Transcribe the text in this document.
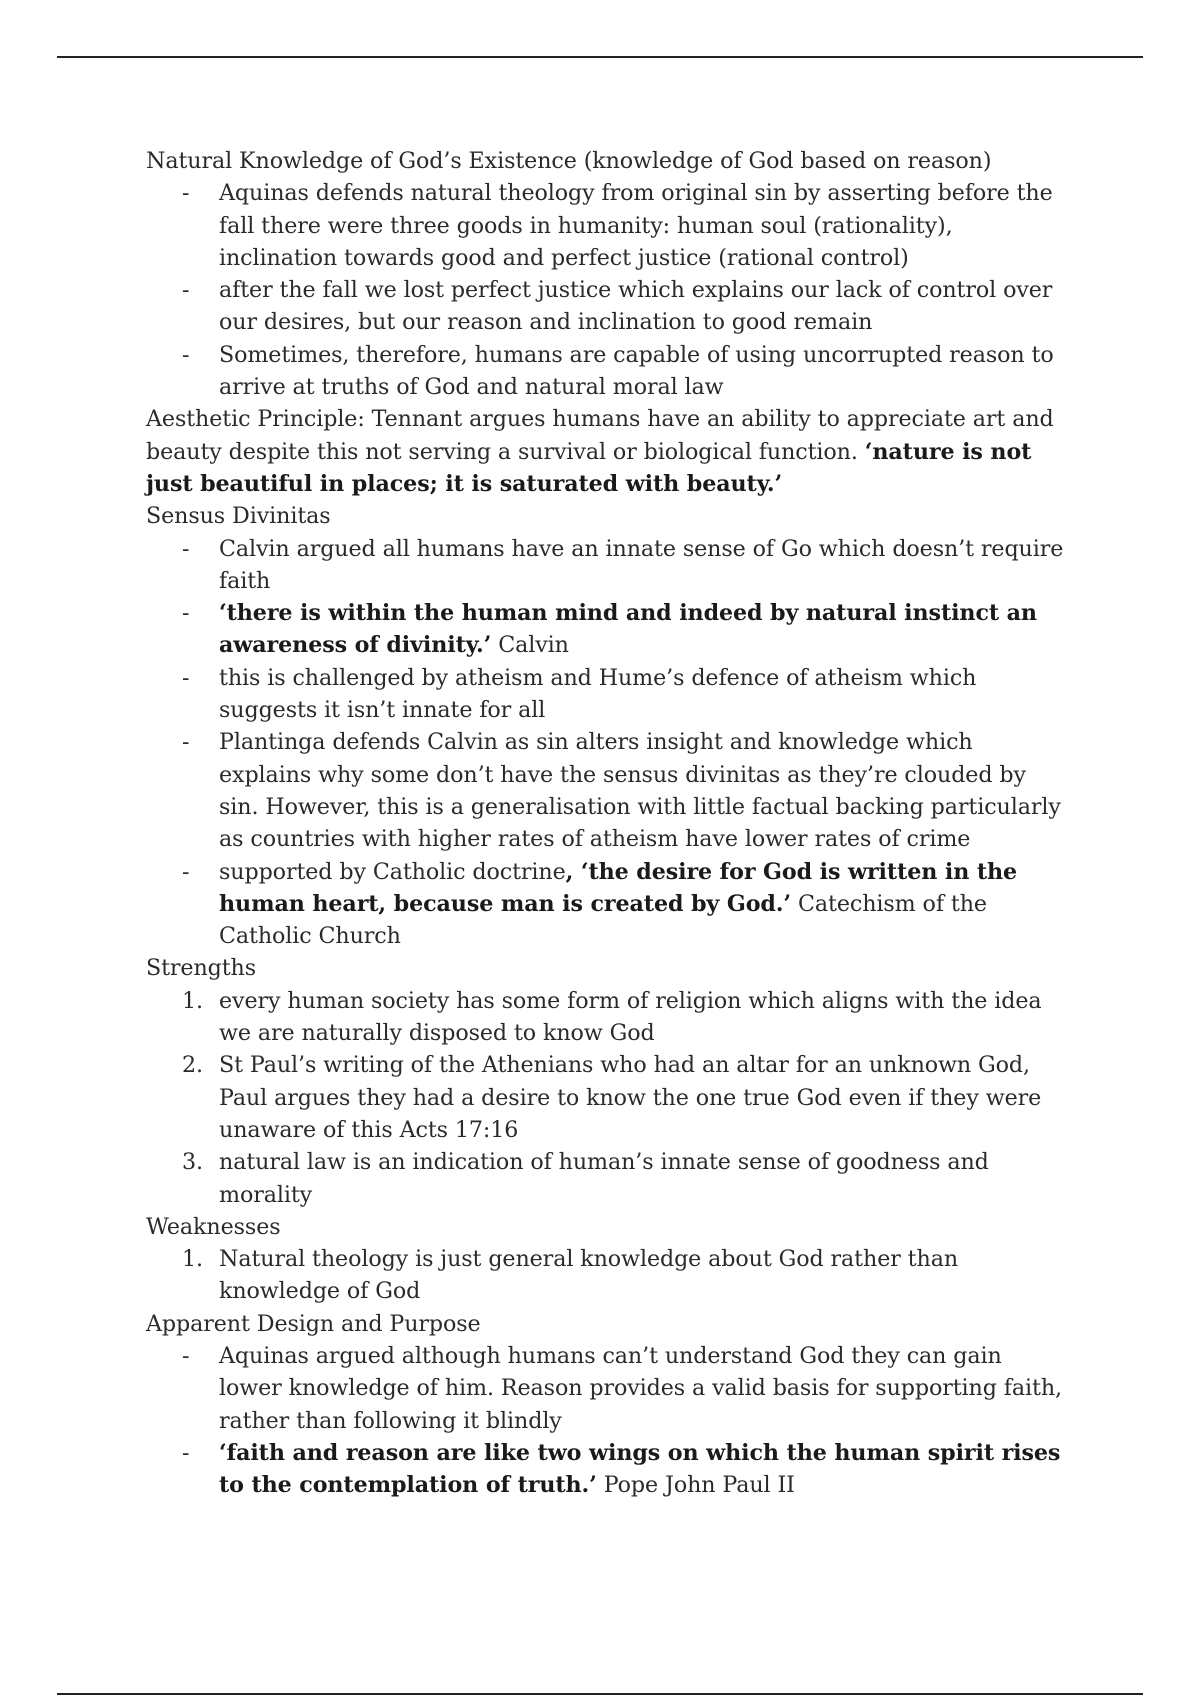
Natural Knowledge of God’s Existence (knowledge of God based on reason)

- Aquinas defends natural theology from original sin by asserting before the fall there were three goods in humanity: human soul (rationality), inclination towards good and perfect justice (rational control)
- after the fall we lost perfect justice which explains our lack of control over our desires, but our reason and inclination to good remain
- Sometimes, therefore, humans are capable of using uncorrupted reason to arrive at truths of God and natural moral law

Aesthetic Principle: Tennant argues humans have an ability to appreciate art and beauty despite this not serving a survival or biological function. ‘nature is not just beautiful in places; it is saturated with beauty.’

Sensus Divinitas

- Calvin argued all humans have an innate sense of Go which doesn’t require faith
- ‘there is within the human mind and indeed by natural instinct an awareness of divinity.’ Calvin
- this is challenged by atheism and Hume’s defence of atheism which suggests it isn’t innate for all
- Plantinga defends Calvin as sin alters insight and knowledge which explains why some don’t have the sensus divinitas as they’re clouded by sin. However, this is a generalisation with little factual backing particularly as countries with higher rates of atheism have lower rates of crime
- supported by Catholic doctrine, ‘the desire for God is written in the human heart, because man is created by God.’ Catechism of the Catholic Church

Strengths

1. every human society has some form of religion which aligns with the idea we are naturally disposed to know God
2. St Paul’s writing of the Athenians who had an altar for an unknown God, Paul argues they had a desire to know the one true God even if they were unaware of this Acts 17:16
3. natural law is an indication of human’s innate sense of goodness and morality

Weaknesses

1. Natural theology is just general knowledge about God rather than knowledge of God

Apparent Design and Purpose

- Aquinas argued although humans can’t understand God they can gain lower knowledge of him. Reason provides a valid basis for supporting faith, rather than following it blindly
- ‘faith and reason are like two wings on which the human spirit rises to the contemplation of truth.’ Pope John Paul II
